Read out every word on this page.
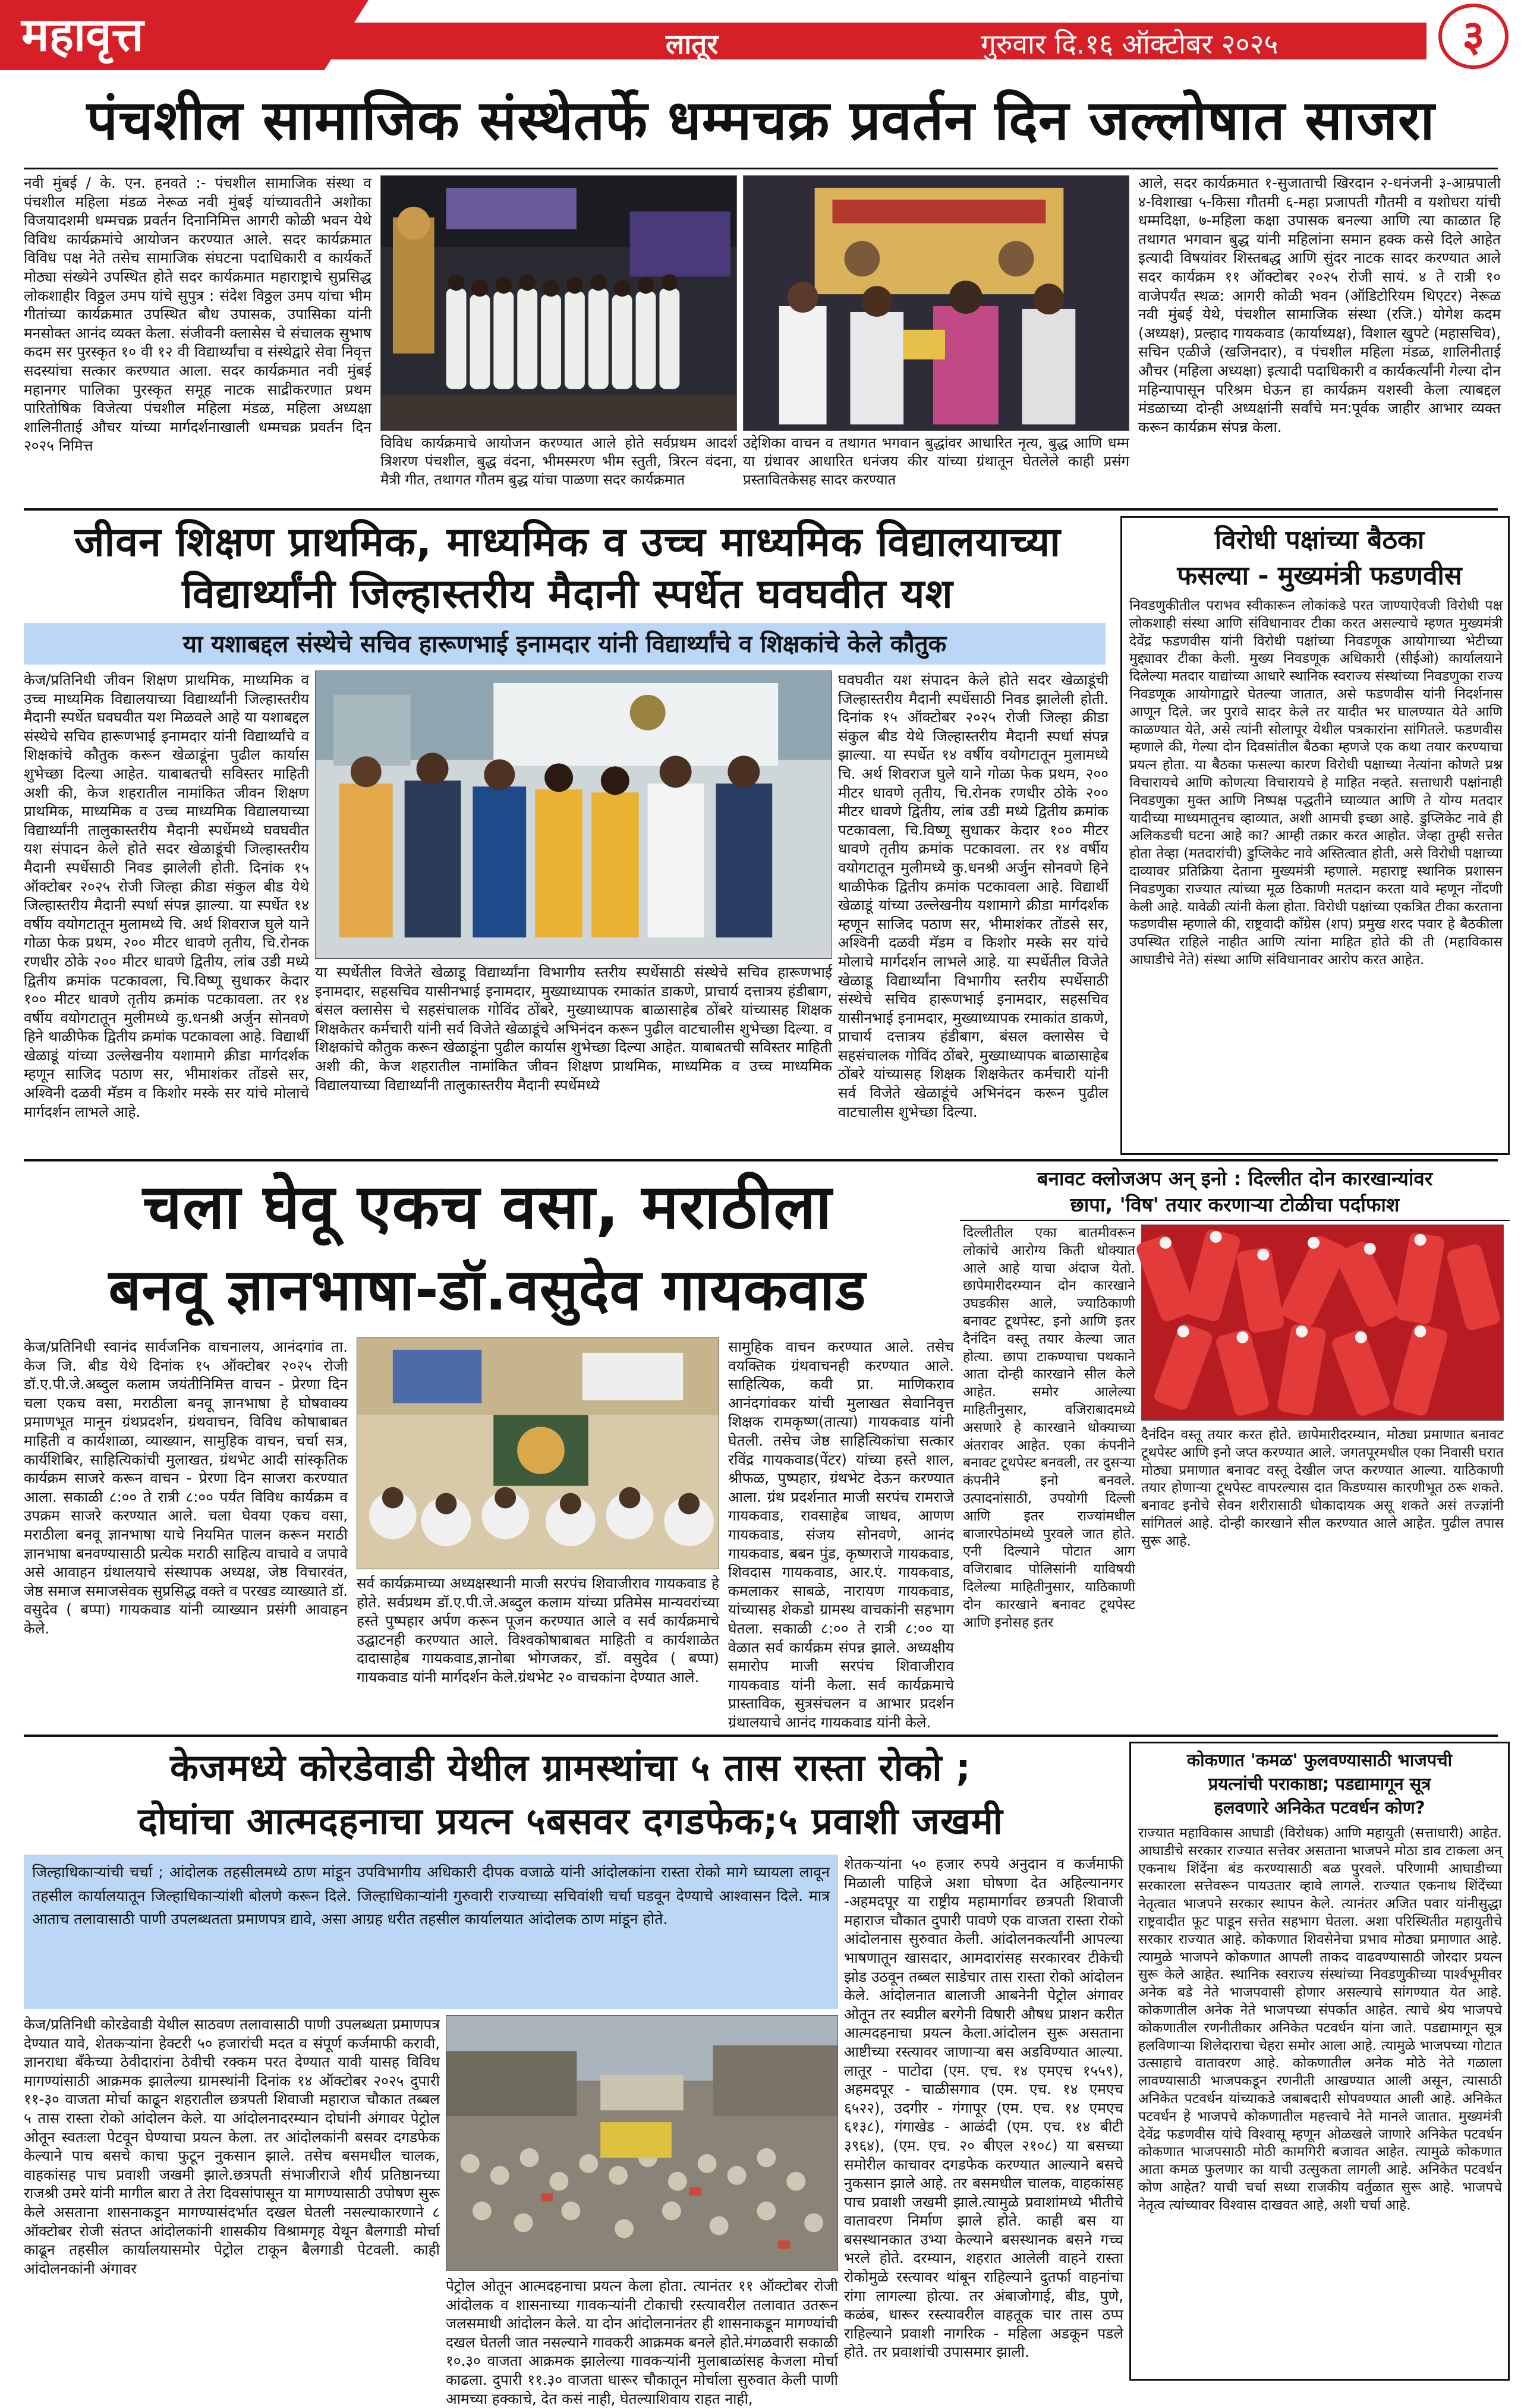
महावृत्त	लातूर	गुरुवार दि.१६ ऑक्टोबर २०२५	३
पंचशील सामाजिक संस्थेतर्फे धम्मचक्र प्रवर्तन दिन जल्लोषात साजरा
नवी मुंबई / के. एन. हनवते :- पंचशील सामाजिक संस्था व पंचशील महिला मंडळ नेरूळ नवी मुंबई यांच्यावतीने अशोका विजयादशमी धम्मचक्र प्रवर्तन दिनानिमित्त आगरी कोळी भवन येथे विविध कार्यक्रमांचे आयोजन करण्यात आले. सदर कार्यक्रमात विविध पक्ष नेते तसेच सामाजिक संघटना पदाधिकारी व कार्यकर्ते मोठ्या संख्येने उपस्थित होते सदर कार्यक्रमात महाराष्ट्राचे सुप्रसिद्ध लोकशाहीर विठ्ठल उमप यांचे सुपुत्र : संदेश विठ्ठल उमप यांचा भीम गीतांच्या कार्यक्रमात उपस्थित बौध उपासक, उपासिका यांनी मनसोक्त आनंद व्यक्त केला. संजीवनी क्लासेस चे संचालक सुभाष कदम सर पुरस्कृत १० वी १२ वी विद्यार्थ्यांचा व संस्थेद्वारे सेवा निवृत्त सदस्यांचा सत्कार करण्यात आला. सदर कार्यक्रमात नवी मुंबई महानगर पालिका पुरस्कृत समूह नाटक साद्रीकरणात प्रथम पारितोषिक विजेत्या पंचशील महिला मंडळ, महिला अध्यक्षा शालिनीताई औचर यांच्या मार्गदर्शनाखाली धम्मचक्र प्रवर्तन दिन २०२५ निमित्त	विविध कार्यक्रमाचे आयोजन करण्यात आले होते सर्वप्रथम आदर्श त्रिशरण पंचशील, बुद्ध वंदना, भीमस्मरण भीम स्तुती, त्रिरत्न वंदना, मैत्री गीत, तथागत गौतम बुद्ध यांचा पाळणा सदर कार्यक्रमात
उद्देशिका वाचन व तथागत भगवान बुद्धांवर आधारित नृत्य, बुद्ध आणि धम्म या ग्रंथावर आधारित धनंजय कीर यांच्या ग्रंथातून घेतलेले काही प्रसंग प्रस्तावितकेसह सादर करण्यात
आले, सदर कार्यक्रमात १-सुजाताची खिरदान २-धनंजनी ३-आम्रपाली ४-विशाखा ५-किसा गौतमी ६-महा प्रजापती गौतमी व यशोधरा यांची धम्मदिक्षा, ७-महिला कक्षा उपासक बनल्या आणि त्या काळात हि तथागत भगवान बुद्ध यांनी महिलांना समान हक्क कसे दिले आहेत इत्यादी विषयांवर शिस्तबद्ध आणि सुंदर नाटक सादर करण्यात आले सदर कार्यक्रम ११ ऑक्टोबर २०२५ रोजी सायं. ४ ते रात्री १० वाजेपर्यंत स्थळ: आगरी कोळी भवन (ऑडिटोरियम थिएटर) नेरूळ नवी मुंबई येथे, पंचशील सामाजिक संस्था (रजि.) योगेश कदम (अध्यक्ष), प्रल्हाद गायकवाड (कार्याध्यक्ष), विशाल खुपटे (महासचिव), सचिन एळीजे (खजिनदार), व पंचशील महिला मंडळ, शालिनीताई औचर (महिला अध्यक्षा) इत्यादी पदाधिकारी व कार्यकर्त्यांनी गेल्या दोन महिन्यापासून परिश्रम घेऊन हा कार्यक्रम यशस्वी केला त्याबद्दल मंडळाच्या दोन्ही अध्यक्षांनी सर्वांचे मन:पूर्वक जाहीर आभार व्यक्त करून कार्यक्रम संपन्न केला.
जीवन शिक्षण प्राथमिक, माध्यमिक व उच्च माध्यमिक विद्यालयाच्या
विद्यार्थ्यांनी जिल्हास्तरीय मैदानी स्पर्धेत घवघवीत यश
या यशाबद्दल संस्थेचे सचिव हारूणभाई इनामदार यांनी विद्यार्थ्यांचे व शिक्षकांचे केले कौतुक
केज/प्रतिनिधी जीवन शिक्षण प्राथमिक, माध्यमिक व उच्च माध्यमिक विद्यालयाच्या विद्यार्थ्यांनी जिल्हास्तरीय मैदानी स्पर्धेत घवघवीत यश मिळवले आहे या यशाबद्दल संस्थेचे सचिव हारूणभाई इनामदार यांनी विद्यार्थ्यांचे व शिक्षकांचे कौतुक करून खेळाडूंना पुढील कार्यास शुभेच्छा दिल्या आहेत. याबाबतची सविस्तर माहिती अशी की, केज शहरातील नामांकित जीवन शिक्षण प्राथमिक, माध्यमिक व उच्च माध्यमिक विद्यालयाच्या विद्यार्थ्यांनी तालुकास्तरीय मैदानी स्पर्धेमध्ये घवघवीत यश संपादन केले होते सदर खेळाडूंची जिल्हास्तरीय मैदानी स्पर्धेसाठी निवड झालेली होती. दिनांक १५ ऑक्टोबर २०२५ रोजी जिल्हा क्रीडा संकुल बीड येथे जिल्हास्तरीय मैदानी स्पर्धा संपन्न झाल्या. या स्पर्धेत १४ वर्षीय वयोगटातून मुलामध्ये चि. अर्थ शिवराज घुले याने गोळा फेक प्रथम, २०० मीटर धावणे तृतीय, चि.रोनक रणधीर ठोके २०० मीटर धावणे द्वितीय, लांब उडी मध्ये द्वितीय क्रमांक पटकावला, चि.विष्णू सुधाकर केदार १०० मीटर धावणे तृतीय क्रमांक पटकावला. तर १४ वर्षीय वयोगटातून मुलीमध्ये कु.धनश्री अर्जुन सोनवणे हिने थाळीफेक द्वितीय क्रमांक पटकावला आहे. विद्यार्थी खेळाडूं यांच्या उल्लेखनीय यशामागे क्रीडा मार्गदर्शक म्हणून साजिद पठाण सर, भीमाशंकर तोंडसे सर, अश्विनी दळवी मॅडम व किशोर मस्के सर यांचे मोलाचे मार्गदर्शन लाभले आहे.
या स्पर्धेतील विजेते खेळाडू विद्यार्थ्यांना विभागीय स्तरीय स्पर्धेसाठी संस्थेचे सचिव हारूणभाई इनामदार, सहसचिव यासीनभाई इनामदार, मुख्याध्यापक रमाकांत डाकणे, प्राचार्य दत्तात्रय हंडीबाग, बंसल क्लासेस चे सहसंचालक गोविंद ठोंबरे, मुख्याध्यापक बाळासाहेब ठोंबरे यांच्यासह शिक्षक शिक्षकेतर कर्मचारी यांनी सर्व विजेते खेळाडूंचे अभिनंदन करून पुढील वाटचालीस शुभेच्छा दिल्या. व शिक्षकांचे कौतुक करून खेळाडूंना पुढील कार्यास शुभेच्छा दिल्या आहेत. याबाबतची सविस्तर माहिती अशी की, केज शहरातील नामांकित जीवन शिक्षण प्राथमिक, माध्यमिक व उच्च माध्यमिक विद्यालयाच्या विद्यार्थ्यांनी तालुकास्तरीय मैदानी स्पर्धेमध्ये
घवघवीत यश संपादन केले होते सदर खेळाडूंची जिल्हास्तरीय मैदानी स्पर्धेसाठी निवड झालेली होती. दिनांक १५ ऑक्टोबर २०२५ रोजी जिल्हा क्रीडा संकुल बीड येथे जिल्हास्तरीय मैदानी स्पर्धा संपन्न झाल्या. या स्पर्धेत १४ वर्षीय वयोगटातून मुलामध्ये चि. अर्थ शिवराज घुले याने गोळा फेक प्रथम, २०० मीटर धावणे तृतीय, चि.रोनक रणधीर ठोके २०० मीटर धावणे द्वितीय, लांब उडी मध्ये द्वितीय क्रमांक पटकावला, चि.विष्णू सुधाकर केदार १०० मीटर धावणे तृतीय क्रमांक पटकावला. तर १४ वर्षीय वयोगटातून मुलीमध्ये कु.धनश्री अर्जुन सोनवणे हिने थाळीफेक द्वितीय क्रमांक पटकावला आहे. विद्यार्थी खेळाडूं यांच्या उल्लेखनीय यशामागे क्रीडा मार्गदर्शक म्हणून साजिद पठाण सर, भीमाशंकर तोंडसे सर, अश्विनी दळवी मॅडम व किशोर मस्के सर यांचे मोलाचे मार्गदर्शन लाभले आहे. या स्पर्धेतील विजेते खेळाडू विद्यार्थ्यांना विभागीय स्तरीय स्पर्धेसाठी संस्थेचे सचिव हारूणभाई इनामदार, सहसचिव यासीनभाई इनामदार, मुख्याध्यापक रमाकांत डाकणे, प्राचार्य दत्तात्रय हंडीबाग, बंसल क्लासेस चे सहसंचालक गोविंद ठोंबरे, मुख्याध्यापक बाळासाहेब ठोंबरे यांच्यासह शिक्षक शिक्षकेतर कर्मचारी यांनी सर्व विजेते खेळाडूंचे अभिनंदन करून पुढील वाटचालीस शुभेच्छा दिल्या.
विरोधी पक्षांच्या बैठका
फसल्या - मुख्यमंत्री फडणवीस
निवडणुकीतील पराभव स्वीकारून लोकांकडे परत जाण्याऐवजी विरोधी पक्ष लोकशाही संस्था आणि संविधानावर टीका करत असल्याचे म्हणत मुख्यमंत्री देवेंद्र फडणवीस यांनी विरोधी पक्षांच्या निवडणूक आयोगाच्या भेटीच्या मुद्द्यावर टीका केली. मुख्य निवडणूक अधिकारी (सीईओ) कार्यालयाने दिलेल्या मतदार याद्यांच्या आधारे स्थानिक स्वराज्य संस्थांच्या निवडणुका राज्य निवडणूक आयोगाद्वारे घेतल्या जातात, असे फडणवीस यांनी निदर्शनास आणून दिले. जर पुरावे सादर केले तर यादीत भर घालण्यात येते आणि काळण्यात येते, असे त्यांनी सोलापूर येथील पत्रकारांना सांगितले. फडणवीस म्हणाले की, गेल्या दोन दिवसांतील बैठका म्हणजे एक कथा तयार करण्याचा प्रयत्न होता. या बैठका फसल्या कारण विरोधी पक्षाच्या नेत्यांना कोणते प्रश्न विचारायचे आणि कोणत्या विचारायचे हे माहित नव्हते. सत्ताधारी पक्षांनाही निवडणुका मुक्त आणि निष्पक्ष पद्धतीने घ्याव्यात आणि ते योग्य मतदार यादीच्या माध्यमातूनच व्हाव्यात, अशी आमची इच्छा आहे. डुप्लिकेट नावे ही अलिकडची घटना आहे का? आम्ही तक्रार करत आहोत. जेव्हा तुम्ही सत्तेत होता तेव्हा (मतदारांची) डुप्लिकेट नावे अस्तित्वात होती, असे विरोधी पक्षाच्या दाव्यावर प्रतिक्रिया देताना मुख्यमंत्री म्हणाले. महाराष्ट्र स्थानिक प्रशासन निवडणुका राज्यात त्यांच्या मूळ ठिकाणी मतदान करता यावे म्हणून नोंदणी केली आहे. यावेळी त्यांनी केला होता. विरोधी पक्षांच्या एकत्रित टीका करताना फडणवीस म्हणाले की, राष्ट्रवादी काँग्रेस (शप) प्रमुख शरद पवार हे बैठकीला उपस्थित राहिले नाहीत आणि त्यांना माहित होते की ती (महाविकास आघाडीचे नेते) संस्था आणि संविधानावर आरोप करत आहेत.
चला घेवू एकच वसा, मराठीला
बनवू ज्ञानभाषा-डॉ.वसुदेव गायकवाड
केज/प्रतिनिधी स्वानंद सार्वजनिक वाचनालय, आनंदगांव ता. केज जि. बीड येथे दिनांक १५ ऑक्टोबर २०२५ रोजी डॉ.ए.पी.जे.अब्दुल कलाम जयंतीनिमित्त वाचन - प्रेरणा दिन चला एकच वसा, मराठीला बनवू ज्ञानभाषा हे घोषवाक्य प्रमाणभूत मानून ग्रंथप्रदर्शन, ग्रंथवाचन, विविध कोषाबाबत माहिती व कार्यशाळा, व्याख्यान, सामुहिक वाचन, चर्चा सत्र, कार्यशिबिर, साहित्यिकांची मुलाखत, ग्रंथभेट आदी सांस्कृतिक कार्यक्रम साजरे करून वाचन - प्रेरणा दिन साजरा करण्यात आला. सकाळी ८:०० ते रात्री ८:०० पर्यंत विविध कार्यक्रम व उपक्रम साजरे करण्यात आले. चला घेवया एकच वसा, मराठीला बनवू ज्ञानभाषा याचे नियमित पालन करून मराठी ज्ञानभाषा बनवण्यासाठी प्रत्येक मराठी साहित्य वाचावे व जपावे असे आवाहन ग्रंथालयाचे संस्थापक अध्यक्ष, जेष्ठ विचारवंत, जेष्ठ समाज समाजसेवक सुप्रसिद्ध वक्ते व परखड व्याख्याते डॉ. वसुदेव ( बप्पा) गायकवाड यांनी व्याख्यान प्रसंगी आवाहन केले.
सर्व कार्यक्रमाच्या अध्यक्षस्थानी माजी सरपंच शिवाजीराव गायकवाड हे होते. सर्वप्रथम डॉ.ए.पी.जे.अब्दुल कलाम यांच्या प्रतिमेस मान्यवरांच्या हस्ते पुष्पहार अर्पण करून पूजन करण्यात आले व सर्व कार्यक्रमाचे उद्घाटनही करण्यात आले. विश्वकोषाबाबत माहिती व कार्यशाळेत दादासाहेब गायकवाड,ज्ञानोबा भोगजकर, डॉ. वसुदेव ( बप्पा) गायकवाड यांनी मार्गदर्शन केले.ग्रंथभेट २० वाचकांना देण्यात आले.
सामुहिक वाचन करण्यात आले. तसेच वयक्तिक ग्रंथवाचनही करण्यात आले. साहित्यिक, कवी प्रा. माणिकराव आनंदगांवकर यांची मुलाखत सेवानिवृत्त शिक्षक रामकृष्ण(तात्या) गायकवाड यांनी घेतली. तसेच जेष्ठ साहित्यिकांचा सत्कार रविंद्र गायकवाड(पेंटर) यांच्या हस्ते शाल, श्रीफळ, पुष्पहार, ग्रंथभेट देऊन करण्यात आला. ग्रंथ प्रदर्शनात माजी सरपंच रामराजे गायकवाड, रावसाहेब जाधव, आणण गायकवाड, संजय सोनवणे, आनंद गायकवाड, बबन पुंड, कृष्णराजे गायकवाड, शिवदास गायकवाड, आर.एं. गायकवाड, कमलाकर साबळे, नारायण गायकवाड, यांच्यासह शेकडो ग्रामस्थ वाचकांनी सहभाग घेतला. सकाळी ८:०० ते रात्री ८:०० या वेळात सर्व कार्यक्रम संपन्न झाले. अध्यक्षीय समारोप माजी सरपंच शिवाजीराव गायकवाड यांनी केला. सर्व कार्यक्रमाचे प्रास्ताविक, सुत्रसंचलन व आभार प्रदर्शन ग्रंथालयाचे आनंद गायकवाड यांनी केले.
बनावट क्लोजअप अन् इनो : दिल्लीत दोन कारखान्यांवर
छापा, 'विष' तयार करणाऱ्या टोळीचा पर्दाफाश
दिल्लीतील एका बातमीवरून लोकांचे आरोग्य किती धोक्यात आले आहे याचा अंदाज येतो. छापेमारीदरम्यान दोन कारखाने उघडकीस आले, ज्याठिकाणी बनावट टूथपेस्ट, इनो आणि इतर दैनंदिन वस्तू तयार केल्या जात होत्या. छापा टाकण्याचा पथकाने आता दोन्ही कारखाने सील केले आहेत. समोर आलेल्या माहितीनुसार, वजिराबादमध्ये असणारे हे कारखाने धोक्याच्या अंतरावर आहेत. एका कंपनीने बनावट टूथपेस्ट बनवली, तर दुसऱ्या कंपनीने इनो बनवले. उत्पादनांसाठी, उपयोगी दिल्ली आणि इतर राज्यांमधील बाजारपेठांमध्ये पुरवले जात होते. एनी दिल्याने पोटात आग वजिराबाद पोलिसांनी याविषयी दिलेल्या माहितीनुसार, याठिकाणी दोन कारखाने बनावट टूथपेस्ट आणि इनोसह इतर
दैनंदिन वस्तू तयार करत होते. छापेमारीदरम्यान, मोठ्या प्रमाणात बनावट टूथपेस्ट आणि इनो जप्त करण्यात आले. जगतपूरमधील एका निवासी घरात मोठ्या प्रमाणात बनावट वस्तू देखील जप्त करण्यात आल्या. याठिकाणी तयार होणाऱ्या टूथपेस्ट वापरल्यास दात किडण्यास कारणीभूत ठरू शकते. बनावट इनोचे सेवन शरीरासाठी धोकादायक असू शकते असं तज्ज्ञांनी सांगितलं आहे. दोन्ही कारखाने सील करण्यात आले आहेत. पुढील तपास सुरू आहे.
केजमध्ये कोरडेवाडी येथील ग्रामस्थांचा ५ तास रास्ता रोको ;
दोघांचा आत्मदहनाचा प्रयत्न ५बसवर दगडफेक;५ प्रवाशी जखमी
जिल्हाधिकाऱ्यांची चर्चा ; आंदोलक तहसीलमध्ये ठाण मांडून उपविभागीय अधिकारी दीपक वजाळे यांनी आंदोलकांना रास्ता रोको मागे घ्यायला लावून तहसील कार्यालयातून जिल्हाधिकाऱ्यांशी बोलणे करून दिले. जिल्हाधिकाऱ्यांनी गुरुवारी राज्याच्या सचिवांशी चर्चा घडवून देण्याचे आश्वासन दिले. मात्र आताच तलावासाठी पाणी उपलब्धतता प्रमाणपत्र द्यावे, असा आग्रह धरीत तहसील कार्यालयात आंदोलक ठाण मांडून होते.
केज/प्रतिनिधी कोरडेवाडी येथील साठवण तलावासाठी पाणी उपलब्धता प्रमाणपत्र देण्यात यावे, शेतकऱ्यांना हेक्टरी ५० हजारांची मदत व संपूर्ण कर्जमाफी करावी, ज्ञानराधा बँकेच्या ठेवीदारांना ठेवीची रक्कम परत देण्यात यावी यासह विविध मागण्यांसाठी आक्रमक झालेल्या ग्रामस्थांनी दिनांक १४ ऑक्टोबर २०२५ दुपारी ११-३० वाजता मोर्चा काढून शहरातील छत्रपती शिवाजी महाराज चौकात तब्बल ५ तास रास्ता रोको आंदोलन केले. या आंदोलनादरम्यान दोघांनी अंगावर पेट्रोल ओतून स्वतःला पेटवून घेण्याचा प्रयत्न केला. तर आंदोलकांनी बसवर दगडफेक केल्याने पाच बसचे काचा फुटून नुकसान झाले. तसेच बसमधील चालक, वाहकांसह पाच प्रवाशी जखमी झाले.छत्रपती संभाजीराजे शौर्य प्रतिष्ठानच्या राजश्री उमरे यांनी मागील बारा ते तेरा दिवसांपासून या मागण्यासाठी उपोषण सुरू केले असताना शासनाकडून मागण्यासंदर्भात दखल घेतली नसल्याकारणाने ८ ऑक्टोबर रोजी संतप्त आंदोलकांनी शासकीय विश्रामगृह येथून बैलगाडी मोर्चा काढून तहसील कार्यालयासमोर पेट्रोल टाकून बैलगाडी पेटवली. काही आंदोलनकांनी अंगावर
पेट्रोल ओतून आत्मदहनाचा प्रयत्न केला होता. त्यानंतर ११ ऑक्टोबर रोजी आंदोलक व शासनाच्या गावकऱ्यांनी टोकाची रस्त्यावरील तलावात उतरून जलसमाधी आंदोलन केले. या दोन आंदोलनानंतर ही शासनाकडून मागण्यांची दखल घेतली जात नसल्याने गावकरी आक्रमक बनले होते.मंगळवारी सकाळी १०.३० वाजता आक्रमक झालेल्या गावकऱ्यांनी मुलाबाळांसह केजला मोर्चा काढला. दुपारी ११.३० वाजता धारूर चौकातून मोर्चाला सुरुवात केली पाणी आमच्या हक्काचे, देत कसं नाही, घेतल्याशिवाय राहत नाही,
शेतकऱ्यांना ५० हजार रुपये अनुदान व कर्जमाफी मिळाली पाहिजे अशा घोषणा देत अहिल्यानगर -अहमदपूर या राष्ट्रीय महामार्गावर छत्रपती शिवाजी महाराज चौकात दुपारी पावणे एक वाजता रास्ता रोको आंदोलनास सुरुवात केली. आंदोलनकर्त्यांनी आपल्या भाषणातून खासदार, आमदारांसह सरकारवर टीकेची झोड उठवून तब्बल साडेचार तास रास्ता रोको आंदोलन केले. आंदोलनात बालाजी आबनेनी पेट्रोल अंगावर ओतून तर स्वप्नील बरगेनी विषारी औषध प्राशन करीत आत्मदहनाचा प्रयत्न केला.आंदोलन सुरू असताना आष्टीच्या रस्त्यावर जाणाऱ्या बस अडविण्यात आल्या. लातूर - पाटोदा (एम. एच. १४ एमएच १५५९), अहमदपूर - चाळीसगाव (एम. एच. १४ एमएच ६५२२), उदगीर - गंगापूर (एम. एच. १४ एमएच ६१३८), गंगाखेड - आळंदी (एम. एच. १४ बीटी ३९६४), (एम. एच. २० बीएल २१०८) या बसच्या समोरील काचावर दगडफेक करण्यात आल्याने बसचे नुकसान झाले आहे. तर बसमधील चालक, वाहकांसह पाच प्रवाशी जखमी झाले.त्यामुळे प्रवाशांमध्ये भीतीचे वातावरण निर्माण झाले होते. काही बस या बसस्थानकात उभ्या केल्याने बसस्थानक बसने गच्च भरले होते. दरम्यान, शहरात आलेली वाहने रास्ता रोकोमुळे रस्त्यावर थांबून राहिल्याने दुतर्फा वाहनांचा रांगा लागल्या होत्या. तर अंबाजोगाई, बीड, पुणे, कळंब, धारूर रस्त्यावरील वाहतूक चार तास ठप्प राहिल्याने प्रवाशी नागरिक - महिला अडकून पडले होते. तर प्रवाशांची उपासमार झाली.
कोकणात 'कमळ' फुलवण्यासाठी भाजपची
प्रयत्नांची पराकाष्ठा; पडद्यामागून सूत्र
हलवणारे अनिकेत पटवर्धन कोण?
राज्यात महाविकास आघाडी (विरोधक) आणि महायुती (सत्ताधारी) आहेत. आघाडीचे सरकार राज्यात सत्तेवर असताना भाजपने मोठा डाव टाकला अन् एकनाथ शिंदेंना बंड करण्यासाठी बळ पुरवले. परिणामी आघाडीच्या सरकारला सत्तेवरून पायउतार व्हावे लागले. राज्यात एकनाथ शिंदेंच्या नेतृत्वात भाजपने सरकार स्थापन केले. त्यानंतर अजित पवार यांनीसुद्धा राष्ट्रवादीत फूट पाडून सत्तेत सहभाग घेतला. अशा परिस्थितीत महायुतीचे सरकार राज्यात आहे. कोकणात शिवसेनेचा प्रभाव मोठ्या प्रमाणात आहे. त्यामुळे भाजपने कोकणात आपली ताकद वाढवण्यासाठी जोरदार प्रयत्न सुरू केले आहेत. स्थानिक स्वराज्य संस्थांच्या निवडणुकीच्या पार्श्वभूमीवर अनेक बडे नेते भाजपवासी होणार असल्याचे सांगण्यात येत आहे. कोकणातील अनेक नेते भाजपच्या संपर्कात आहेत. त्याचे श्रेय भाजपचे कोकणातील रणनीतीकार अनिकेत पटवर्धन यांना जाते. पडद्यामागून सूत्र हलविणाऱ्या शिलेदाराचा चेहरा समोर आला आहे. त्यामुळे भाजपच्या गोटात उत्साहाचे वातावरण आहे. कोकणातील अनेक मोठे नेते गळाला लावण्यासाठी भाजपकडून रणनीती आखण्यात आली असून, त्यासाठी अनिकेत पटवर्धन यांच्याकडे जबाबदारी सोपवण्यात आली आहे. अनिकेत पटवर्धन हे भाजपचे कोकणातील महत्त्वाचे नेते मानले जातात. मुख्यमंत्री देवेंद्र फडणवीस यांचे विश्वासू म्हणून ओळखले जाणारे अनिकेत पटवर्धन कोकणात भाजपसाठी मोठी कामगिरी बजावत आहेत. त्यामुळे कोकणात आता कमळ फुलणार का याची उत्सुकता लागली आहे. अनिकेत पटवर्धन कोण आहेत? याची चर्चा सध्या राजकीय वर्तुळात सुरू आहे. भाजपचे नेतृत्व त्यांच्यावर विश्वास दाखवत आहे, अशी चर्चा आहे.
